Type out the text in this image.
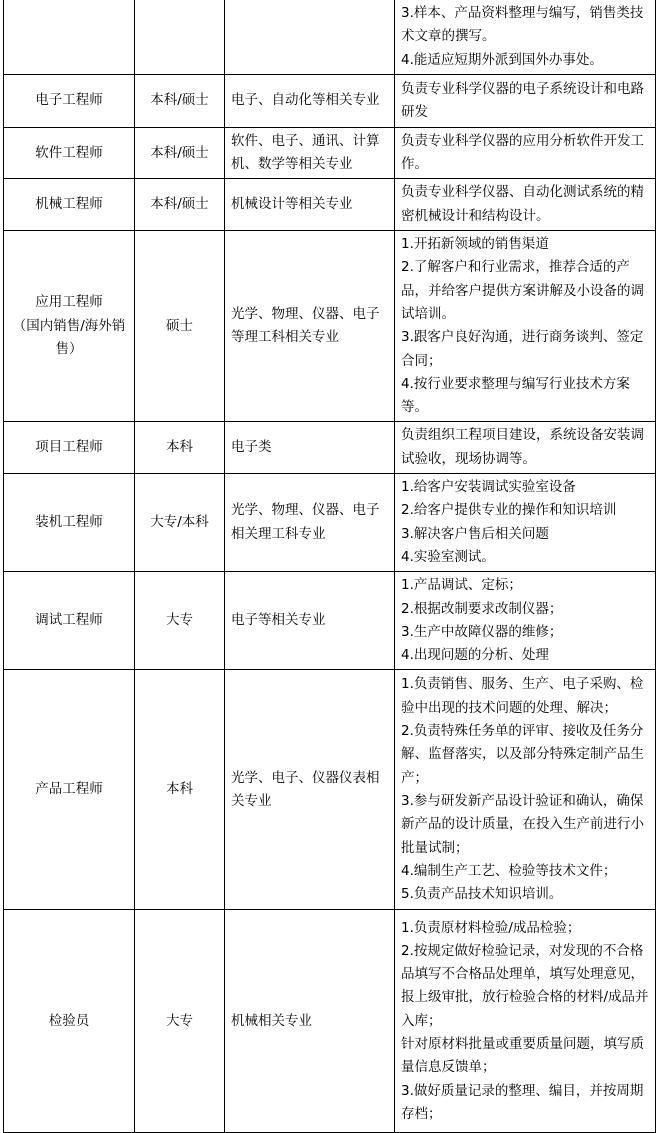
			3.样本、产品资料整理与编写，销售类技术文章的撰写。
4.能适应短期外派到国外办事处。

电子工程师	本科/硕士	电子、自动化等相关专业	负责专业科学仪器的电子系统设计和电路研发

软件工程师	本科/硕士	软件、电子、通讯、计算机、数学等相关专业	负责专业科学仪器的应用分析软件开发工作。

机械工程师	本科/硕士	机械设计等相关专业	负责专业科学仪器、自动化测试系统的精密机械设计和结构设计。

应用工程师
（国内销售/海外销售）	硕士	光学、物理、仪器、电子等理工科相关专业	1.开拓新领域的销售渠道
2.了解客户和行业需求，推荐合适的产品，并给客户提供方案讲解及小设备的调试培训。
3.跟客户良好沟通，进行商务谈判、签定合同；
4.按行业要求整理与编写行业技术方案等。

项目工程师	本科	电子类	负责组织工程项目建设，系统设备安装调试验收，现场协调等。

装机工程师	大专/本科	光学、物理、仪器、电子相关理工科专业	1.给客户安装调试实验室设备
2.给客户提供专业的操作和知识培训
3.解决客户售后相关问题
4.实验室测试。

调试工程师	大专	电子等相关专业	1.产品调试、定标；
2.根据改制要求改制仪器；
3.生产中故障仪器的维修；
4.出现问题的分析、处理

产品工程师	本科	光学、电子、仪器仪表相关专业	1.负责销售、服务、生产、电子采购、检验中出现的技术问题的处理、解决；
2.负责特殊任务单的评审、接收及任务分解、监督落实，以及部分特殊定制产品生产；
3.参与研发新产品设计验证和确认，确保新产品的设计质量，在投入生产前进行小批量试制；
4.编制生产工艺、检验等技术文件；
5.负责产品技术知识培训。

检验员	大专	机械相关专业	1.负责原材料检验/成品检验；
2.按规定做好检验记录，对发现的不合格品填写不合格品处理单，填写处理意见，报上级审批，放行检验合格的材料/成品并入库；
针对原材料批量或重要质量问题，填写质量信息反馈单；
3.做好质量记录的整理、编目，并按周期存档；
